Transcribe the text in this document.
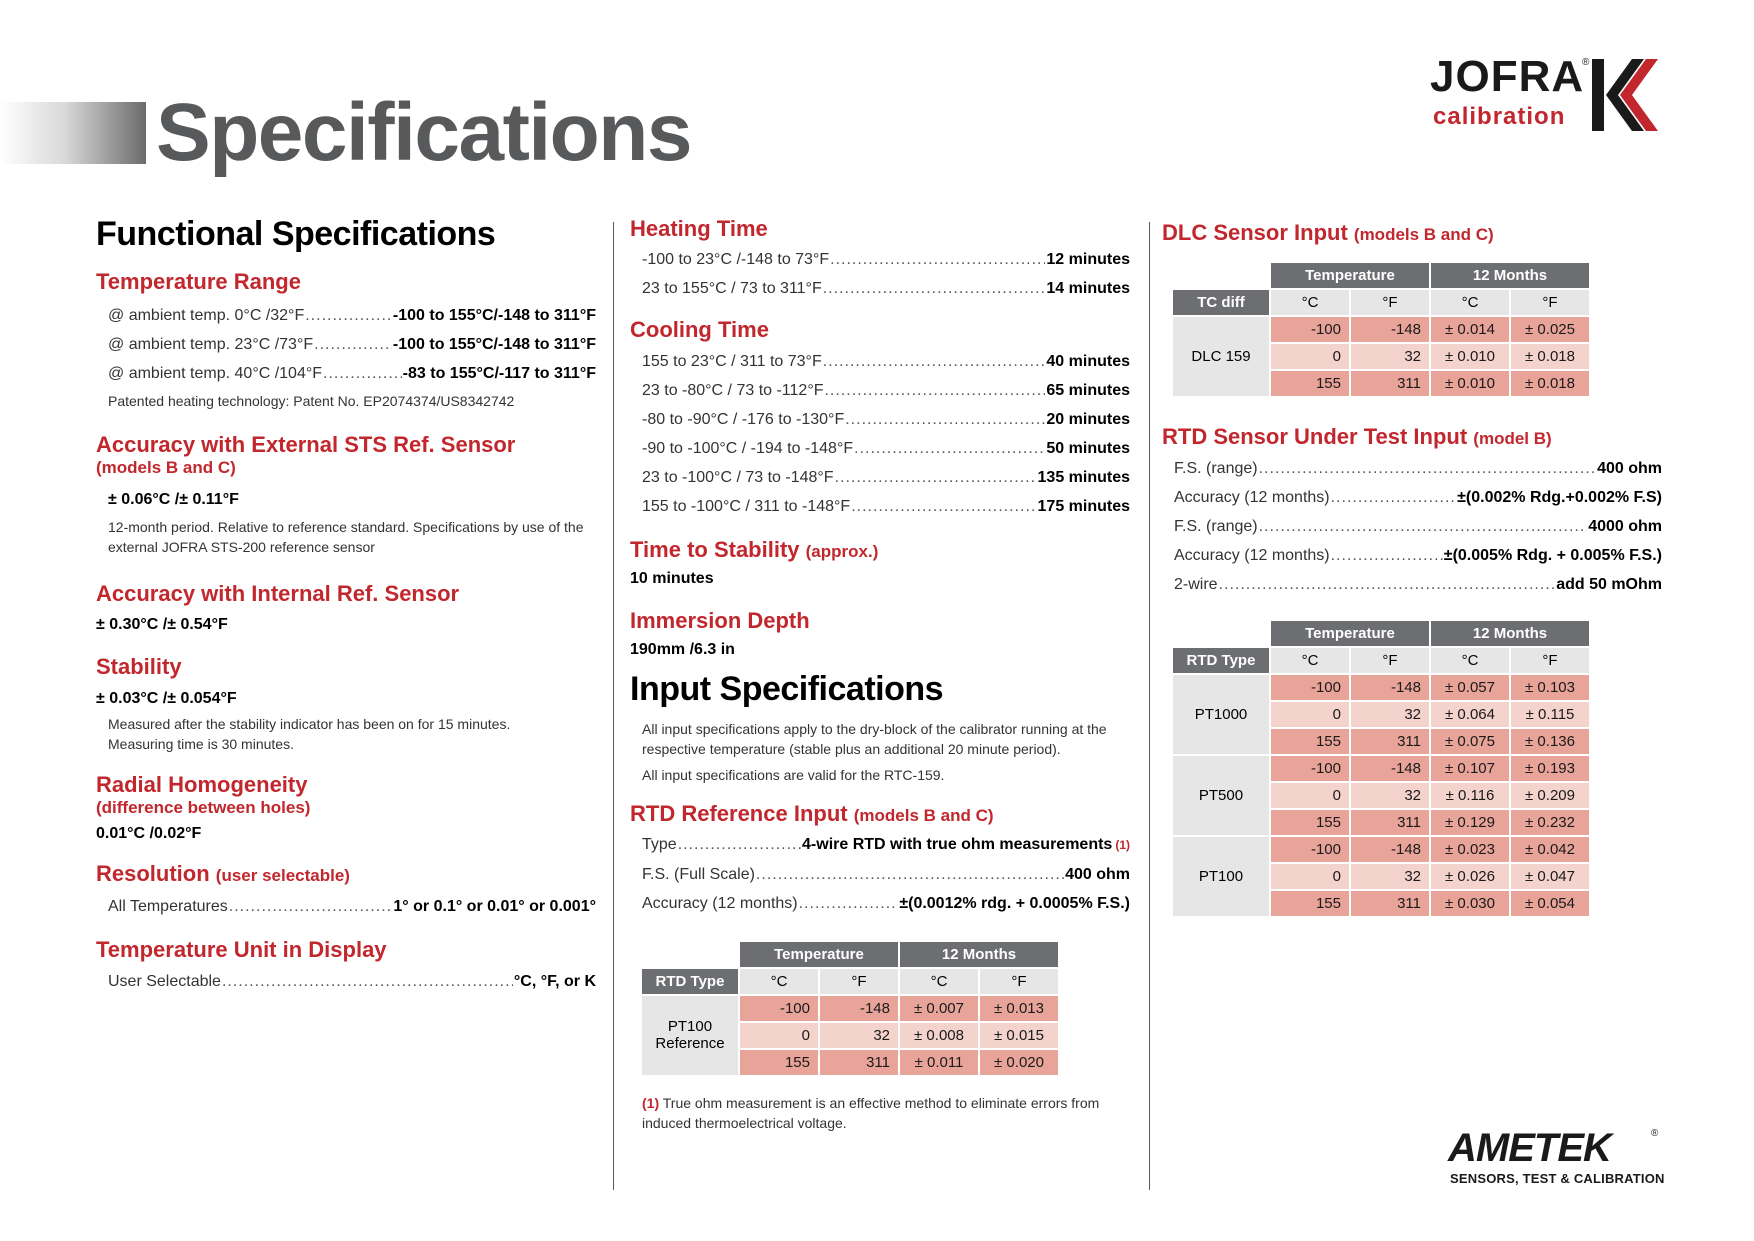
Specifications
JOFRA
®
calibration
AMETEK	®
SENSORS, TEST & CALIBRATION
Functional Specifications
Temperature Range
@ ambient temp. 0°C /32°F .....	-100 to 155°C/-148 to 311°F
@ ambient temp. 23°C /73°F .....	-100 to 155°C/-148 to 311°F
@ ambient temp. 40°C /104°F .....	-83 to 155°C/-117 to 311°F
Patented heating technology: Patent No. EP2074374/US8342742
Accuracy with External STS Ref. Sensor
(models B and C)
± 0.06°C /± 0.11°F
12-month period. Relative to reference standard. Specifications by use of the external JOFRA STS-200 reference sensor
Accuracy with Internal Ref. Sensor
± 0.30°C /± 0.54°F
Stability
± 0.03°C /± 0.054°F
Measured after the stability indicator has been on for 15 minutes. Measuring time is 30 minutes.
Radial Homogeneity
(difference between holes)
0.01°C /0.02°F
Resolution (user selectable)
All Temperatures .....	1° or 0.1° or 0.01° or 0.001°
Temperature Unit in Display
User Selectable .....	°C, °F, or K
Heating Time
-100 to 23°C /-148 to 73°F .....	12 minutes
23 to 155°C / 73 to 311°F .....	14 minutes
Cooling Time
155 to 23°C / 311 to 73°F .....	40 minutes
23 to -80°C / 73 to -112°F .....	65 minutes
-80 to -90°C / -176 to -130°F .....	20 minutes
-90 to -100°C / -194 to -148°F .....	50 minutes
23 to -100°C / 73 to -148°F .....	135 minutes
155 to -100°C / 311 to -148°F .....	175 minutes
Time to Stability (approx.)
10 minutes
Immersion Depth
190mm /6.3 in
Input Specifications
All input specifications apply to the dry-block of the calibrator running at the respective temperature (stable plus an additional 20 minute period).
All input specifications are valid for the RTC-159.
RTD Reference Input (models B and C)
Type .....	4-wire RTD with true ohm measurements (1)
F.S. (Full Scale) .....	400 ohm
Accuracy (12 months) .....	±(0.0012% rdg. + 0.0005% F.S.)
	Temperature		12 Months	
RTD Type	°C	°F	°C	°F
PT100
Reference	-100	-148	± 0.007	± 0.013
	0	32	± 0.008	± 0.015
	155	311	± 0.011	± 0.020
(1) True ohm measurement is an effective method to eliminate errors from induced thermoelectrical voltage.
DLC Sensor Input (models B and C)
	Temperature		12 Months	
TC diff	°C	°F	°C	°F
DLC 159	-100	-148	± 0.014	± 0.025
	0	32	± 0.010	± 0.018
	155	311	± 0.010	± 0.018
RTD Sensor Under Test Input (model B)
F.S. (range) .....	400 ohm
Accuracy (12 months) .....	±(0.002% Rdg.+0.002% F.S)
F.S. (range) .....	4000 ohm
Accuracy (12 months) .....	±(0.005% Rdg. + 0.005% F.S.)
2-wire .....	add 50 mOhm
	Temperature		12 Months	
RTD Type	°C	°F	°C	°F
PT1000	-100	-148	± 0.057	± 0.103
	0	32	± 0.064	± 0.115
	155	311	± 0.075	± 0.136
PT500	-100	-148	± 0.107	± 0.193
	0	32	± 0.116	± 0.209
	155	311	± 0.129	± 0.232
PT100	-100	-148	± 0.023	± 0.042
	0	32	± 0.026	± 0.047
	155	311	± 0.030	± 0.054
